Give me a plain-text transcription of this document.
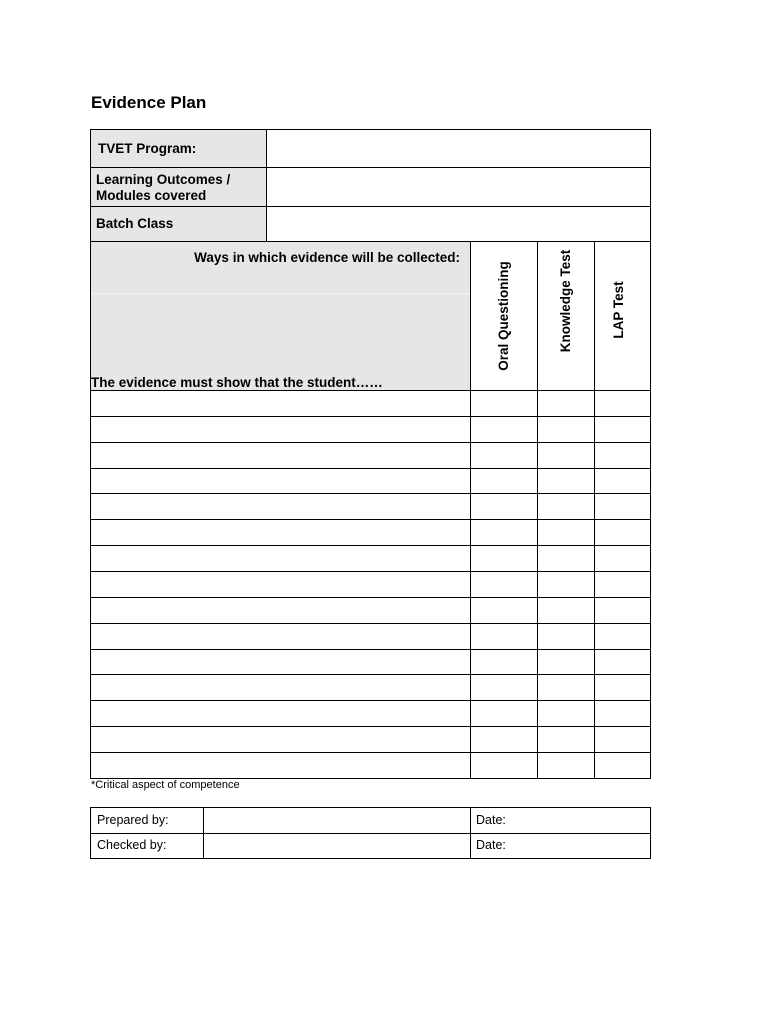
Evidence Plan
TVET Program:
Learning Outcomes / Modules covered
Batch Class
Ways in which evidence will be collected:
The evidence must show that the student……
Oral Questioning	Knowledge Test	LAP Test
*Critical aspect of competence
Prepared by:	Date:
Checked by:	Date:
